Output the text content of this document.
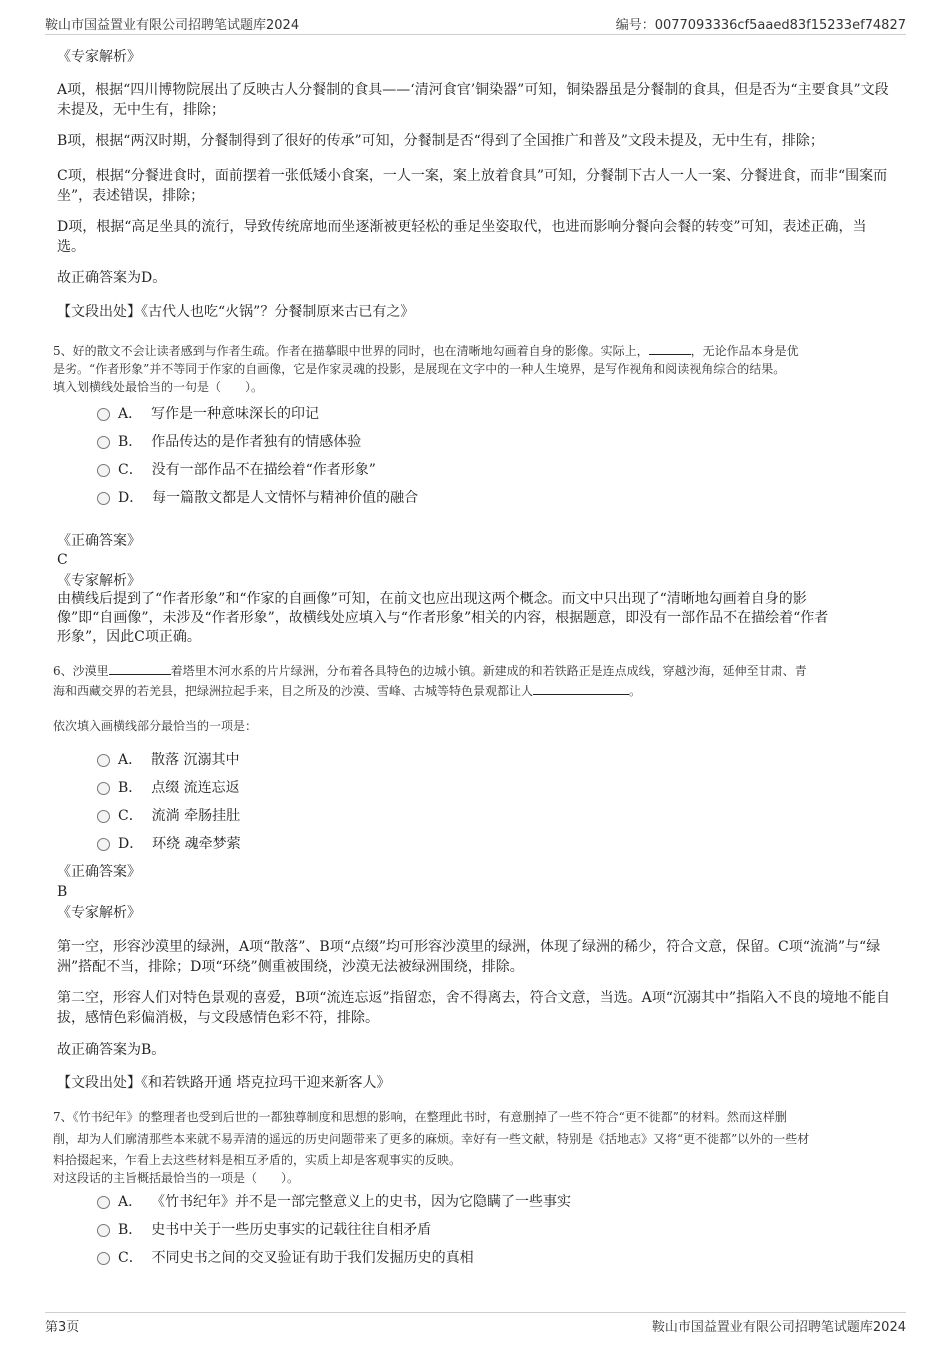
鞍山市国益置业有限公司招聘笔试题库2024	编号：0077093336cf5aaed83f15233ef74827
《专家解析》
A项，根据“四川博物院展出了反映古人分餐制的食具——‘清河食官’铜染器”可知，铜染器虽是分餐制的食具，但是否为“主要食具”文段未提及，无中生有，排除；
B项，根据“两汉时期，分餐制得到了很好的传承”可知，分餐制是否“得到了全国推广和普及”文段未提及，无中生有，排除；
C项，根据“分餐进食时，面前摆着一张低矮小食案，一人一案，案上放着食具”可知，分餐制下古人一人一案、分餐进食，而非“围案而坐”，表述错误，排除；
D项，根据“高足坐具的流行，导致传统席地而坐逐渐被更轻松的垂足坐姿取代，也进而影响分餐向会餐的转变”可知，表述正确，当选。
故正确答案为D。
【文段出处】《古代人也吃“火锅”？分餐制原来古已有之》
5、好的散文不会让读者感到与作者生疏。作者在描摹眼中世界的同时，也在清晰地勾画着自身的影像。实际上，	，无论作品本身是优
是劣。“作者形象”并不等同于作家的自画像，它是作家灵魂的投影，是展现在文字中的一种人生境界，是写作视角和阅读视角综合的结果。
填入划横线处最恰当的一句是（　　）。
A． 写作是一种意味深长的印记
B． 作品传达的是作者独有的情感体验
C． 没有一部作品不在描绘着“作者形象”
D． 每一篇散文都是人文情怀与精神价值的融合
《正确答案》
C
《专家解析》
由横线后提到了“作者形象”和“作家的自画像”可知，在前文也应出现这两个概念。而文中只出现了“清晰地勾画着自身的影
像”即“自画像”，未涉及“作者形象”，故横线处应填入与“作者形象”相关的内容，根据题意，即没有一部作品不在描绘着“作者
形象”，因此C项正确。
6、沙漠里	着塔里木河水系的片片绿洲，分布着各具特色的边城小镇。新建成的和若铁路正是连点成线，穿越沙海，延伸至甘肃、青
海和西藏交界的若羌县，把绿洲拉起手来，目之所及的沙漠、雪峰、古城等特色景观都让人	。
依次填入画横线部分最恰当的一项是：
A． 散落 沉溺其中
B． 点缀 流连忘返
C． 流淌 牵肠挂肚
D． 环绕 魂牵梦萦
《正确答案》
B
《专家解析》
第一空，形容沙漠里的绿洲，A项“散落”、B项“点缀”均可形容沙漠里的绿洲，体现了绿洲的稀少，符合文意，保留。C项“流淌”与“绿洲”搭配不当，排除；D项“环绕”侧重被围绕，沙漠无法被绿洲围绕，排除。
第二空，形容人们对特色景观的喜爱，B项“流连忘返”指留恋，舍不得离去，符合文意，当选。A项“沉溺其中”指陷入不良的境地不能自拔，感情色彩偏消极，与文段感情色彩不符，排除。
故正确答案为B。
【文段出处】《和若铁路开通 塔克拉玛干迎来新客人》
7、《竹书纪年》的整理者也受到后世的一都独尊制度和思想的影响，在整理此书时，有意删掉了一些不符合“更不徙都”的材料。然而这样删
削，却为人们廓清那些本来就不易弄清的遥远的历史问题带来了更多的麻烦。幸好有一些文献，特别是《括地志》又将“更不徙都”以外的一些材
料拾掇起来，乍看上去这些材料是相互矛盾的，实质上却是客观事实的反映。
对这段话的主旨概括最恰当的一项是（　　）。
A． 《竹书纪年》并不是一部完整意义上的史书，因为它隐瞒了一些事实
B． 史书中关于一些历史事实的记载往往自相矛盾
C． 不同史书之间的交叉验证有助于我们发掘历史的真相
第3页	鞍山市国益置业有限公司招聘笔试题库2024
